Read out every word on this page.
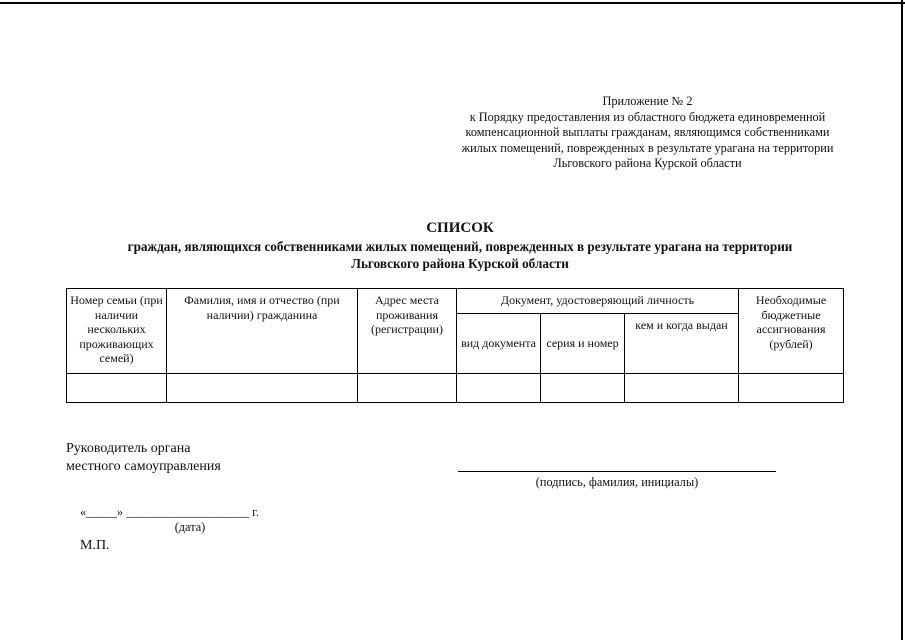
Приложение № 2
к Порядку предоставления из областного бюджета единовременной
компенсационной выплаты гражданам, являющимся собственниками
жилых помещений, поврежденных в результате урагана на территории
Льговского района Курской области
СПИСОК
граждан, являющихся собственниками жилых помещений, поврежденных в результате урагана на территории
Льговского района Курской области
Номер семьи (при наличии нескольких проживающих семей)	Фамилия, имя и отчество (при наличии) гражданина	Адрес места проживания (регистрации)	Документ, удостоверяющий личность			Необходимые бюджетные ассигнования (рублей)
			вид документа	серия и номер	кем и когда выдан	

Руководитель органа
местного самоуправления
(подпись, фамилия, инициалы)
«_____» ____________________ г.
(дата)
М.П.
